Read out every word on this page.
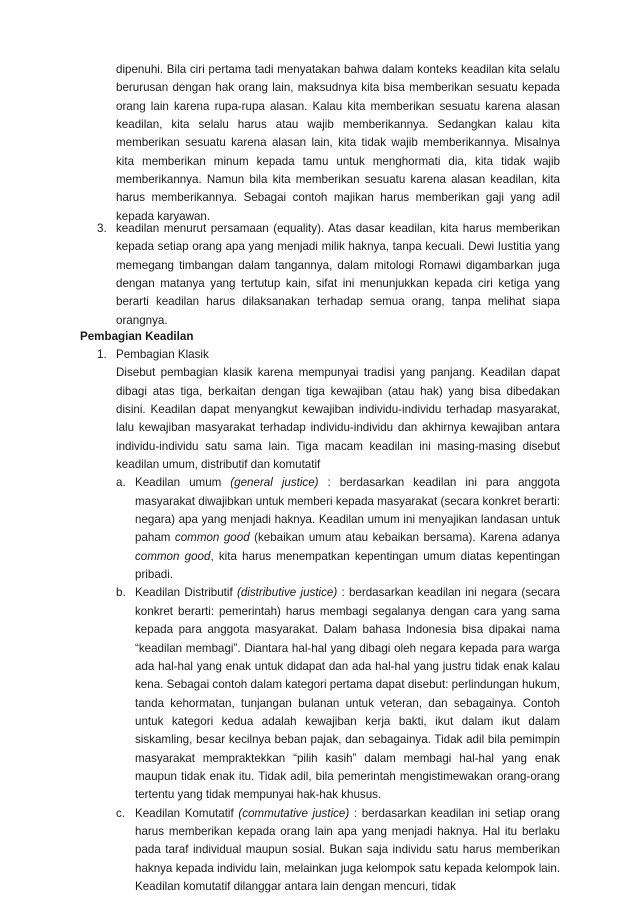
dipenuhi. Bila ciri pertama tadi menyatakan bahwa dalam konteks keadilan kita selalu berurusan dengan hak orang lain, maksudnya kita bisa memberikan sesuatu kepada orang lain karena rupa-rupa alasan. Kalau kita memberikan sesuatu karena alasan keadilan, kita selalu harus atau wajib memberikannya. Sedangkan kalau kita memberikan sesuatu karena alasan lain, kita tidak wajib memberikannya. Misalnya kita memberikan minum kepada tamu untuk menghormati dia, kita tidak wajib memberikannya. Namun bila kita memberikan sesuatu karena alasan keadilan, kita harus memberikannya. Sebagai contoh majikan harus memberikan gaji yang adil kepada karyawan.
3. keadilan menurut persamaan (equality). Atas dasar keadilan, kita harus memberikan kepada setiap orang apa yang menjadi milik haknya, tanpa kecuali. Dewi Iustitia yang memegang timbangan dalam tangannya, dalam mitologi Romawi digambarkan juga dengan matanya yang tertutup kain, sifat ini menunjukkan kepada ciri ketiga yang berarti keadilan harus dilaksanakan terhadap semua orang, tanpa melihat siapa orangnya.
Pembagian Keadilan
1. Pembagian Klasik
Disebut pembagian klasik karena mempunyai tradisi yang panjang. Keadilan dapat dibagi atas tiga, berkaitan dengan tiga kewajiban (atau hak) yang bisa dibedakan disini. Keadilan dapat menyangkut kewajiban individu-individu terhadap masyarakat, lalu kewajiban masyarakat terhadap individu-individu dan akhirnya kewajiban antara individu-individu satu sama lain. Tiga macam keadilan ini masing-masing disebut keadilan umum, distributif dan komutatif
a. Keadilan umum (general justice) : berdasarkan keadilan ini para anggota masyarakat diwajibkan untuk memberi kepada masyarakat (secara konkret berarti: negara) apa yang menjadi haknya. Keadilan umum ini menyajikan landasan untuk paham common good (kebaikan umum atau kebaikan bersama). Karena adanya common good, kita harus menempatkan kepentingan umum diatas kepentingan pribadi.
b. Keadilan Distributif (distributive justice) : berdasarkan keadilan ini negara (secara konkret berarti: pemerintah) harus membagi segalanya dengan cara yang sama kepada para anggota masyarakat. Dalam bahasa Indonesia bisa dipakai nama “keadilan membagi”. Diantara hal-hal yang dibagi oleh negara kepada para warga ada hal-hal yang enak untuk didapat dan ada hal-hal yang justru tidak enak kalau kena. Sebagai contoh dalam kategori pertama dapat disebut: perlindungan hukum, tanda kehormatan, tunjangan bulanan untuk veteran, dan sebagainya. Contoh untuk kategori kedua adalah kewajiban kerja bakti, ikut dalam ikut dalam siskamling, besar kecilnya beban pajak, dan sebagainya. Tidak adil bila pemimpin masyarakat mempraktekkan “pilih kasih” dalam membagi hal-hal yang enak maupun tidak enak itu. Tidak adil, bila pemerintah mengistimewakan orang-orang tertentu yang tidak mempunyai hak-hak khusus.
c. Keadilan Komutatif (commutative justice) : berdasarkan keadilan ini setiap orang harus memberikan kepada orang lain apa yang menjadi haknya. Hal itu berlaku pada taraf individual maupun sosial. Bukan saja individu satu harus memberikan haknya kepada individu lain, melainkan juga kelompok satu kepada kelompok lain. Keadilan komutatif dilanggar antara lain dengan mencuri, tidak
